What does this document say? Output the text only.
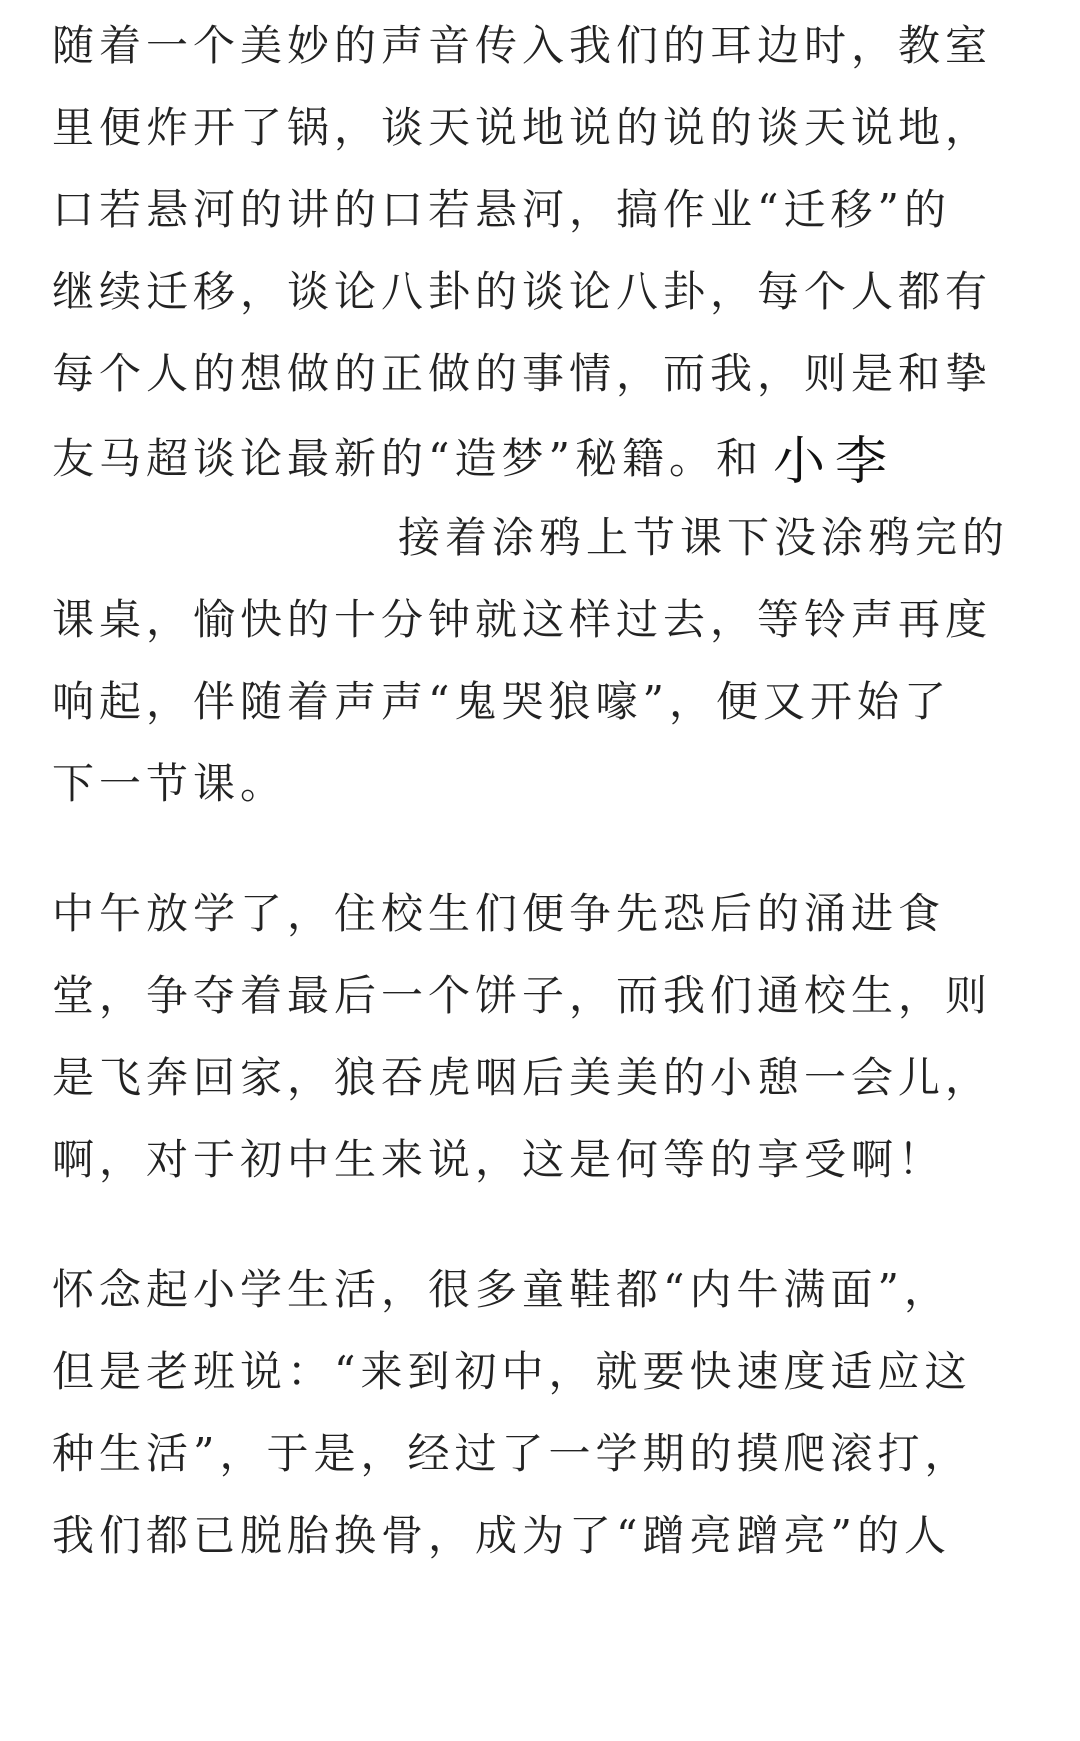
随着一个美妙的声音传入我们的耳边时，教室
里便炸开了锅，谈天说地说的说的谈天说地，
口若悬河的讲的口若悬河，搞作业“迁移”的
继续迁移，谈论八卦的谈论八卦，每个人都有
每个人的想做的正做的事情，而我，则是和挚
友马超谈论最新的“造梦”秘籍。和 小李
接着涂鸦上节课下没涂鸦完的
课桌，愉快的十分钟就这样过去，等铃声再度
响起，伴随着声声“鬼哭狼嚎”，便又开始了
下一节课。
中午放学了，住校生们便争先恐后的涌进食
堂，争夺着最后一个饼子，而我们通校生，则
是飞奔回家，狼吞虎咽后美美的小憩一会儿，
啊，对于初中生来说，这是何等的享受啊！
怀念起小学生活，很多童鞋都“内牛满面”，
但是老班说：“来到初中，就要快速度适应这
种生活”，于是，经过了一学期的摸爬滚打，
我们都已脱胎换骨，成为了“蹭亮蹭亮”的人
